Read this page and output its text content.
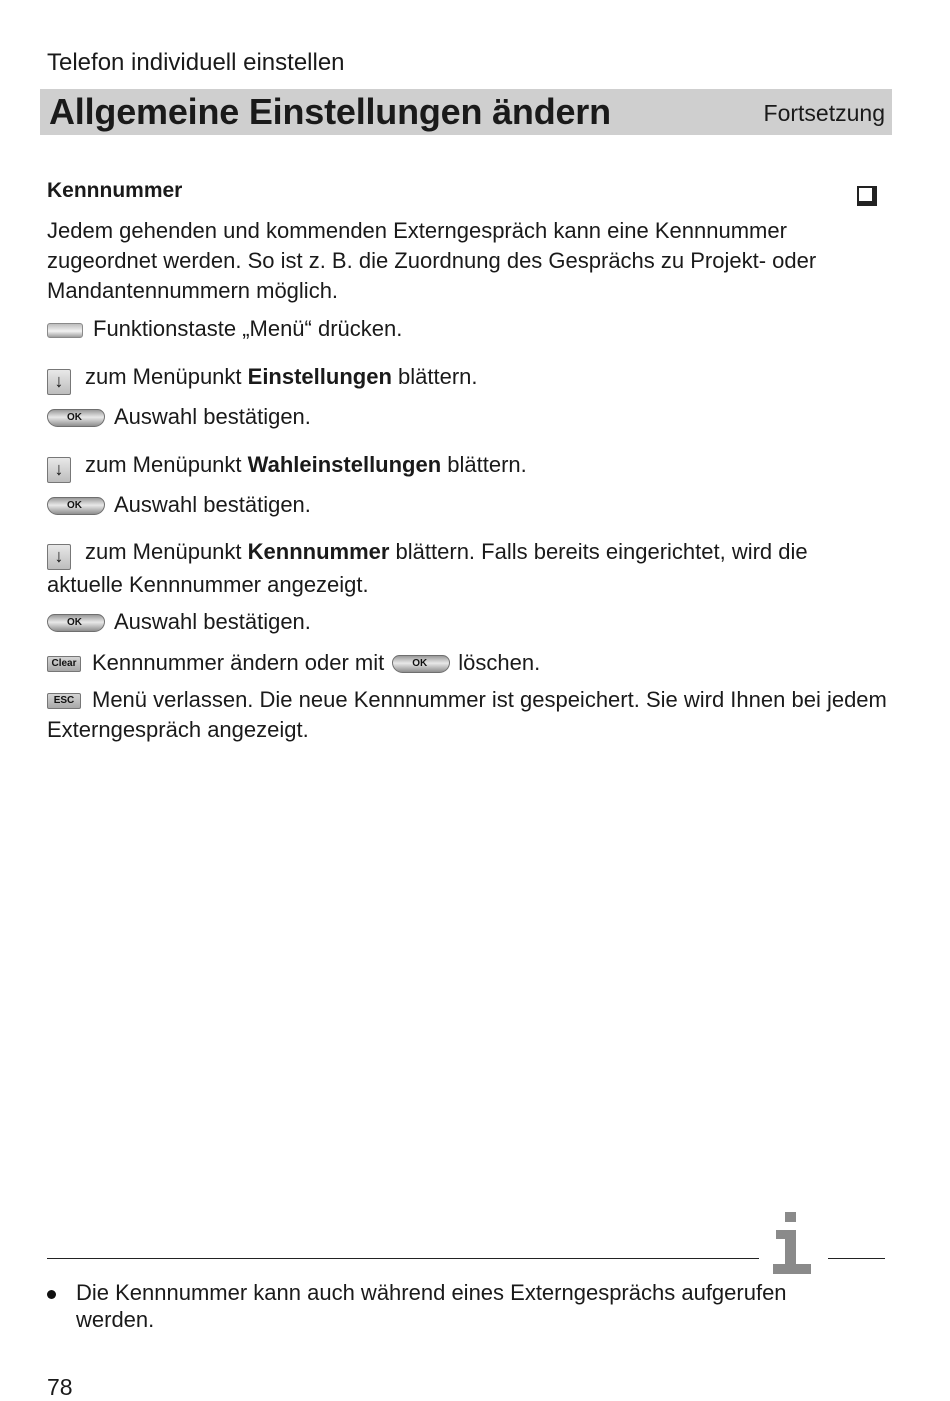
Telefon individuell einstellen
Allgemeine Einstellungen ändern	Fortsetzung
Kennnummer
Jedem gehenden und kommenden Externgespräch kann eine Kennnummer zugeordnet werden. So ist z. B. die Zuordnung des Gesprächs zu Projekt- oder Mandantennummern möglich.
Funktionstaste „Menü“ drücken.
↓ zum Menüpunkt Einstellungen blättern.
OK Auswahl bestätigen.
↓ zum Menüpunkt Wahleinstellungen blättern.
OK Auswahl bestätigen.
↓ zum Menüpunkt Kennnummer blättern. Falls bereits eingerichtet, wird die aktuelle Kennnummer angezeigt.
OK Auswahl bestätigen.
Clear Kennnummer ändern oder mit	OK löschen.
ESC Menü verlassen. Die neue Kennnummer ist gespeichert. Sie wird Ihnen bei jedem Externgespräch angezeigt.
Die Kennnummer kann auch während eines Externgesprächs aufgerufen werden.
78
